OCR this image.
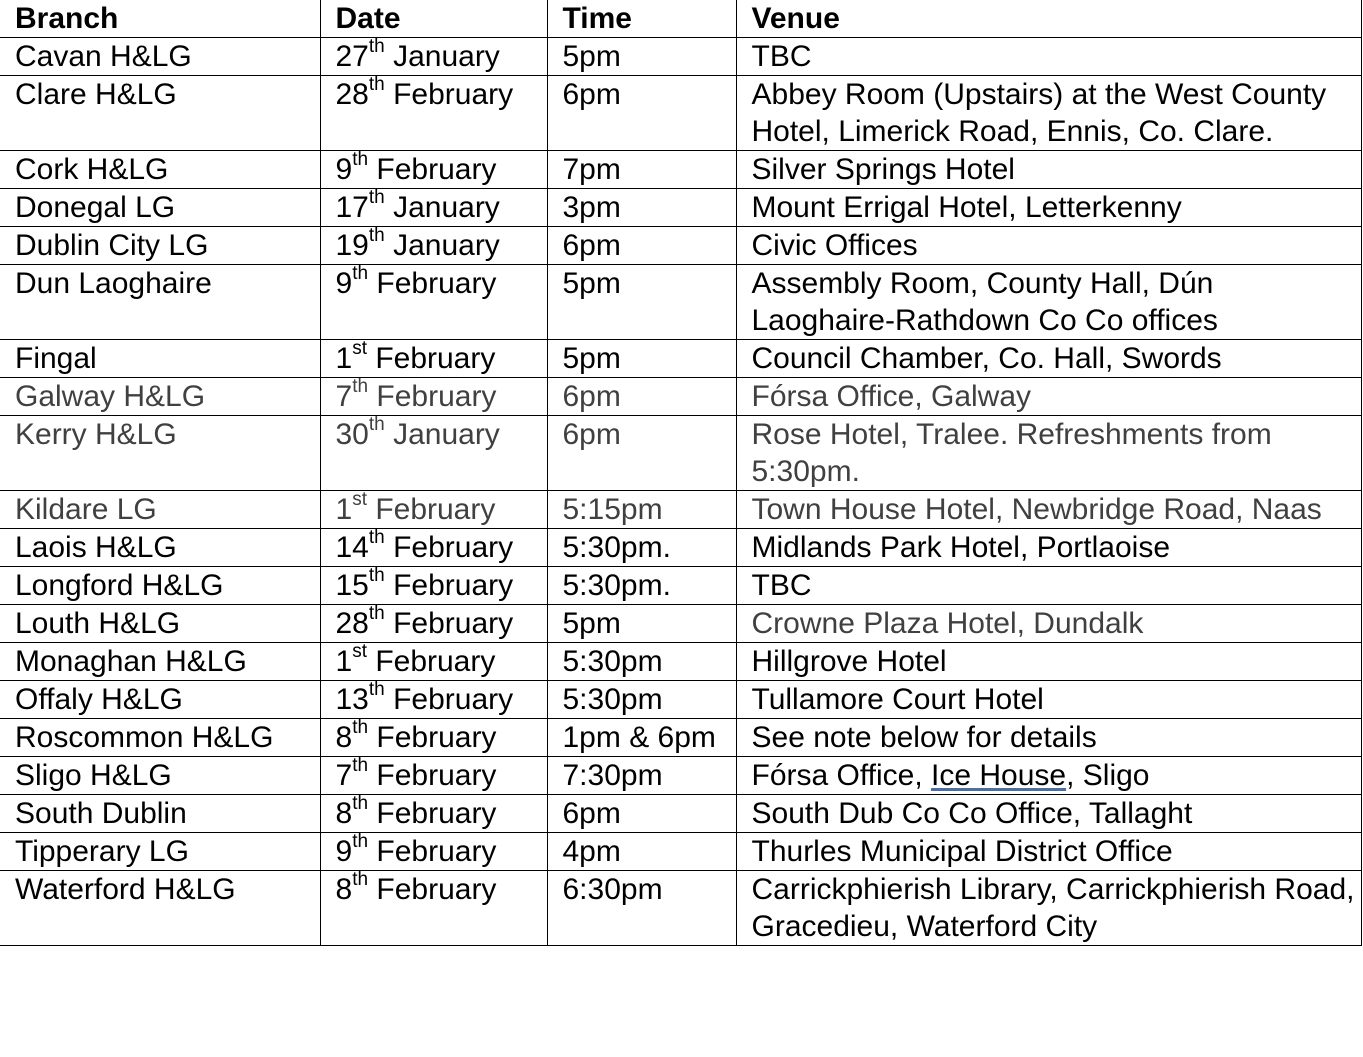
Branch	Date	Time	Venue
Cavan H&LG	27th January	5pm	TBC
Clare H&LG	28th February	6pm	Abbey Room (Upstairs) at the West County Hotel, Limerick Road, Ennis, Co. Clare.
Cork H&LG	9th February	7pm	Silver Springs Hotel
Donegal LG	17th January	3pm	Mount Errigal Hotel, Letterkenny
Dublin City LG	19th January	6pm	Civic Offices
Dun Laoghaire	9th February	5pm	Assembly Room, County Hall, Dún Laoghaire-Rathdown Co Co offices
Fingal	1st February	5pm	Council Chamber, Co. Hall, Swords
Galway H&LG	7th February	6pm	Fórsa Office, Galway
Kerry H&LG	30th January	6pm	Rose Hotel, Tralee. Refreshments from 5:30pm.
Kildare LG	1st February	5:15pm	Town House Hotel, Newbridge Road, Naas
Laois H&LG	14th February	5:30pm.	Midlands Park Hotel, Portlaoise
Longford H&LG	15th February	5:30pm.	TBC
Louth H&LG	28th February	5pm	Crowne Plaza Hotel, Dundalk
Monaghan H&LG	1st February	5:30pm	Hillgrove Hotel
Offaly H&LG	13th February	5:30pm	Tullamore Court Hotel
Roscommon H&LG	8th February	1pm & 6pm	See note below for details
Sligo H&LG	7th February	7:30pm	Fórsa Office, Ice House, Sligo
South Dublin	8th February	6pm	South Dub Co Co Office, Tallaght
Tipperary LG	9th February	4pm	Thurles Municipal District Office
Waterford H&LG	8th February	6:30pm	Carrickphierish Library, Carrickphierish Road, Gracedieu, Waterford City
